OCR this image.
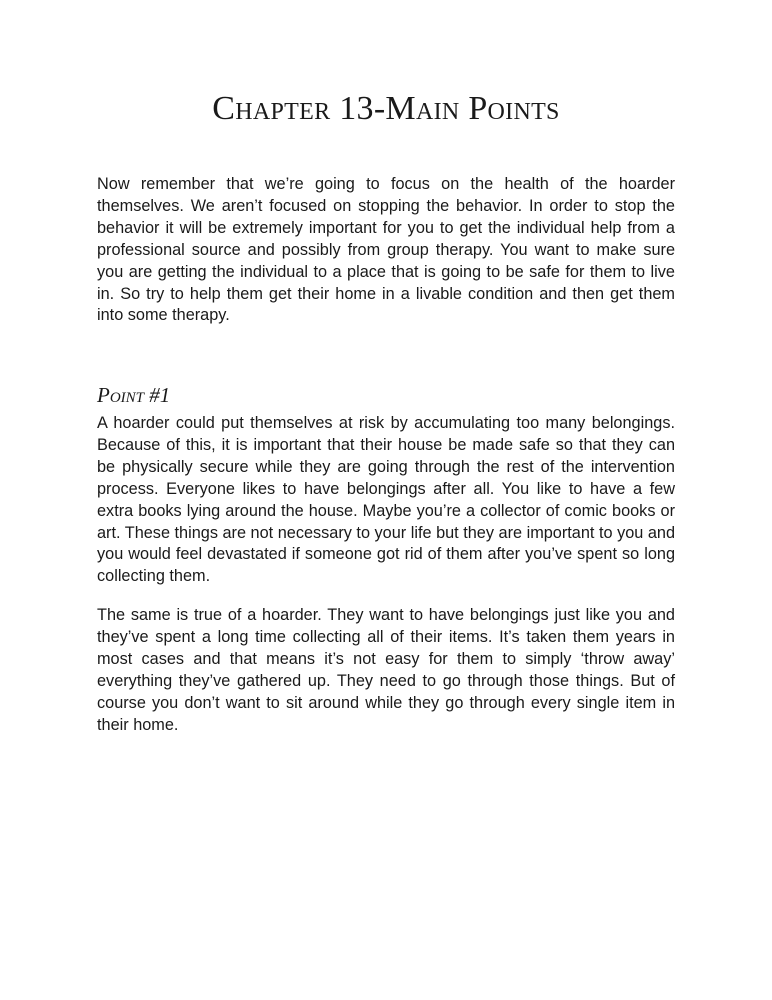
Chapter 13-Main Points

Now remember that we’re going to focus on the health of the hoarder themselves. We aren’t focused on stopping the behavior. In order to stop the behavior it will be extremely important for you to get the individual help from a professional source and possibly from group therapy. You want to make sure you are getting the individual to a place that is going to be safe for them to live in. So try to help them get their home in a livable condition and then get them into some therapy.

Point #1

A hoarder could put themselves at risk by accumulating too many belongings. Because of this, it is important that their house be made safe so that they can be physically secure while they are going through the rest of the intervention process. Everyone likes to have belongings after all. You like to have a few extra books lying around the house. Maybe you’re a collector of comic books or art. These things are not necessary to your life but they are important to you and you would feel devastated if someone got rid of them after you’ve spent so long collecting them.

The same is true of a hoarder. They want to have belongings just like you and they’ve spent a long time collecting all of their items. It’s taken them years in most cases and that means it’s not easy for them to simply ‘throw away’ everything they’ve gathered up. They need to go through those things. But of course you don’t want to sit around while they go through every single item in their home.
